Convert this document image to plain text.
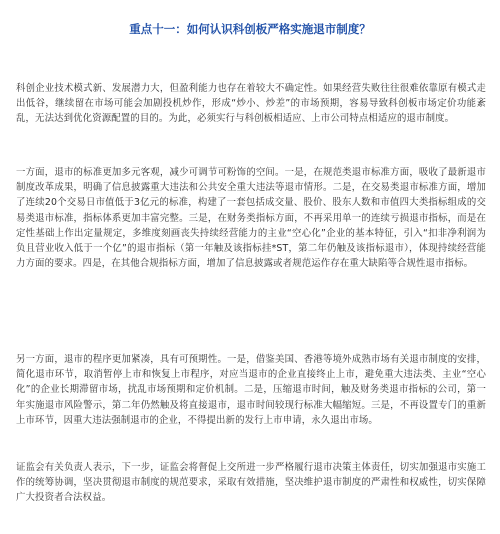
重点十一：如何认识科创板严格实施退市制度？

科创企业技术模式新、发展潜力大，但盈利能力也存在着较大不确定性。如果经营失败往往很难依靠原有模式走出低谷，继续留在市场可能会加剧投机炒作，形成“炒小、炒差”的市场预期，容易导致科创板市场定价功能紊乱，无法达到优化资源配置的目的。为此，必须实行与科创板相适应、上市公司特点相适应的退市制度。

一方面，退市的标准更加多元客观，减少可调节可粉饰的空间。一是，在规范类退市标准方面，吸收了最新退市制度改革成果，明确了信息披露重大违法和公共安全重大违法等退市情形。二是，在交易类退市标准方面，增加了连续20个交易日市值低于3亿元的标准，构建了一套包括成交量、股价、股东人数和市值四大类指标组成的交易类退市标准，指标体系更加丰富完整。三是，在财务类指标方面，不再采用单一的连续亏损退市指标，而是在定性基础上作出定量规定，多维度刻画丧失持续经营能力的主业“空心化”企业的基本特征，引入“扣非净利润为负且营业收入低于一个亿”的退市指标（第一年触及该指标挂*ST，第二年仍触及该指标退市），体现持续经营能力方面的要求。四是，在其他合规指标方面，增加了信息披露或者规范运作存在重大缺陷等合规性退市指标。

另一方面，退市的程序更加紧凑，具有可预期性。一是，借鉴美国、香港等境外成熟市场有关退市制度的安排，简化退市环节，取消暂停上市和恢复上市程序，对应当退市的企业直接终止上市，避免重大违法类、主业“空心化”的企业长期滞留市场，扰乱市场预期和定价机制。二是，压缩退市时间，触及财务类退市指标的公司，第一年实施退市风险警示，第二年仍然触及将直接退市，退市时间较现行标准大幅缩短。三是，不再设置专门的重新上市环节，因重大违法强制退市的企业，不得提出新的发行上市申请，永久退出市场。

证监会有关负责人表示，下一步，证监会将督促上交所进一步严格履行退市决策主体责任，切实加强退市实施工作的统筹协调，坚决贯彻退市制度的规范要求，采取有效措施，坚决维护退市制度的严肃性和权威性，切实保障广大投资者合法权益。
